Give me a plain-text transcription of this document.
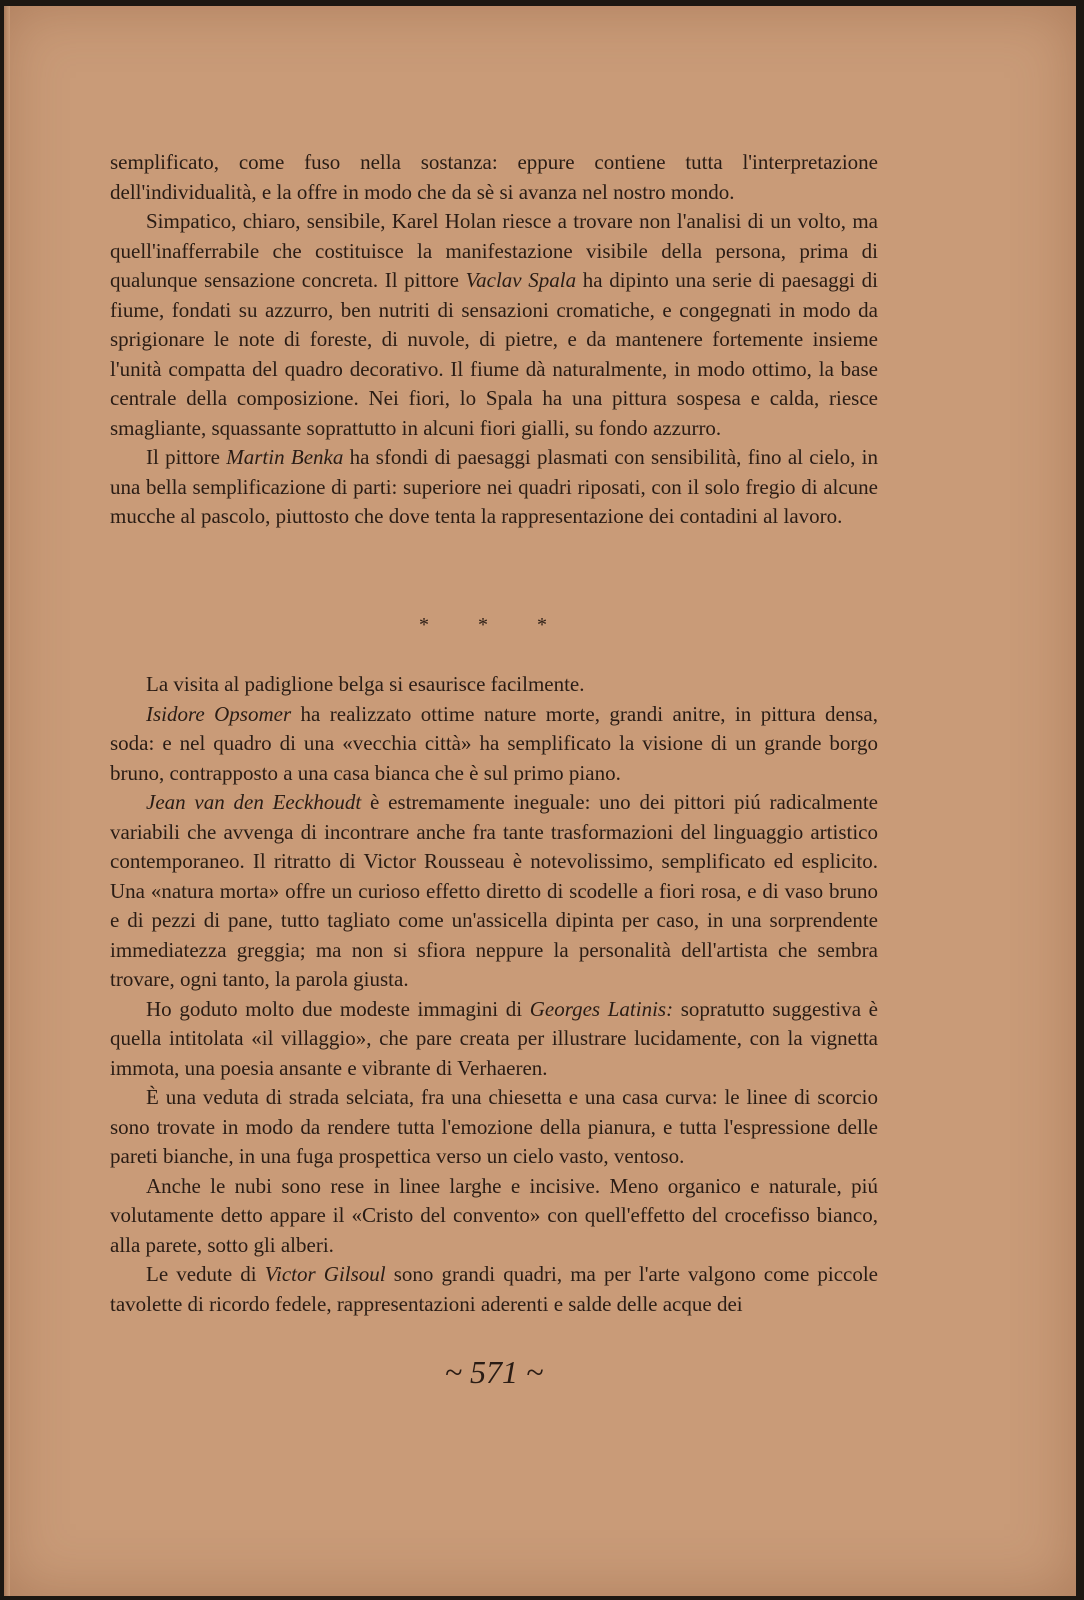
semplificato, come fuso nella sostanza: eppure contiene tutta l'interpretazione dell'individualità, e la offre in modo che da sè si avanza nel nostro mondo.

Simpatico, chiaro, sensibile, Karel Holan riesce a trovare non l'analisi di un volto, ma quell'inafferrabile che costituisce la manifestazione visibile della persona, prima di qualunque sensazione concreta. Il pittore Vaclav Spala ha dipinto una serie di paesaggi di fiume, fondati su azzurro, ben nutriti di sensazioni cromatiche, e congegnati in modo da sprigionare le note di foreste, di nuvole, di pietre, e da mantenere fortemente insieme l'unità compatta del quadro decorativo. Il fiume dà naturalmente, in modo ottimo, la base centrale della composizione. Nei fiori, lo Spala ha una pittura sospesa e calda, riesce smagliante, squassante soprattutto in alcuni fiori gialli, su fondo azzurro.

Il pittore Martin Benka ha sfondi di paesaggi plasmati con sensibilità, fino al cielo, in una bella semplificazione di parti: superiore nei quadri riposati, con il solo fregio di alcune mucche al pascolo, piuttosto che dove tenta la rappresentazione dei contadini al lavoro.

* * *

La visita al padiglione belga si esaurisce facilmente.

Isidore Opsomer ha realizzato ottime nature morte, grandi anitre, in pittura densa, soda: e nel quadro di una «vecchia città» ha semplificato la visione di un grande borgo bruno, contrapposto a una casa bianca che è sul primo piano.

Jean van den Eeckhoudt è estremamente ineguale: uno dei pittori piú radicalmente variabili che avvenga di incontrare anche fra tante trasformazioni del linguaggio artistico contemporaneo. Il ritratto di Victor Rousseau è notevolissimo, semplificato ed esplicito. Una «natura morta» offre un curioso effetto diretto di scodelle a fiori rosa, e di vaso bruno e di pezzi di pane, tutto tagliato come un'assicella dipinta per caso, in una sorprendente immediatezza greggia; ma non si sfiora neppure la personalità dell'artista che sembra trovare, ogni tanto, la parola giusta.

Ho goduto molto due modeste immagini di Georges Latinis: sopratutto suggestiva è quella intitolata «il villaggio», che pare creata per illustrare lucidamente, con la vignetta immota, una poesia ansante e vibrante di Verhaeren.

È una veduta di strada selciata, fra una chiesetta e una casa curva: le linee di scorcio sono trovate in modo da rendere tutta l'emozione della pianura, e tutta l'espressione delle pareti bianche, in una fuga prospettica verso un cielo vasto, ventoso.

Anche le nubi sono rese in linee larghe e incisive. Meno organico e naturale, piú volutamente detto appare il «Cristo del convento» con quell'effetto del crocefisso bianco, alla parete, sotto gli alberi.

Le vedute di Victor Gilsoul sono grandi quadri, ma per l'arte valgono come piccole tavolette di ricordo fedele, rappresentazioni aderenti e salde delle acque dei

~ 571 ~
